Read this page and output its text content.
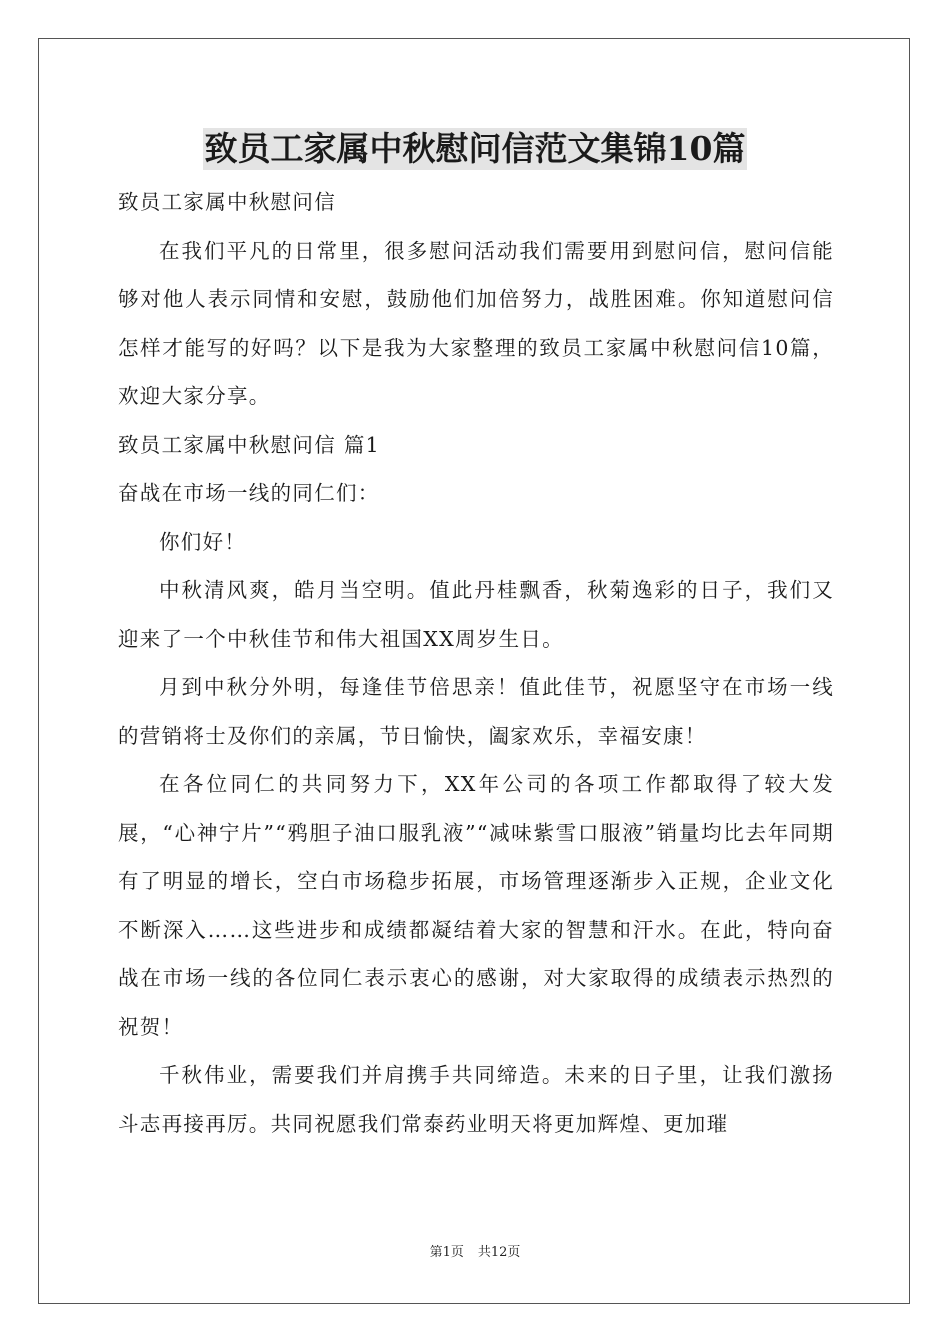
致员工家属中秋慰问信范文集锦10篇

致员工家属中秋慰问信

在我们平凡的日常里，很多慰问活动我们需要用到慰问信，慰问信能够对他人表示同情和安慰，鼓励他们加倍努力，战胜困难。你知道慰问信怎样才能写的好吗？以下是我为大家整理的致员工家属中秋慰问信10篇，欢迎大家分享。

致员工家属中秋慰问信 篇1

奋战在市场一线的同仁们：

你们好！

中秋清风爽，皓月当空明。值此丹桂飘香，秋菊逸彩的日子，我们又迎来了一个中秋佳节和伟大祖国XX周岁生日。

月到中秋分外明，每逢佳节倍思亲！值此佳节，祝愿坚守在市场一线的营销将士及你们的亲属，节日愉快，阖家欢乐，幸福安康！

在各位同仁的共同努力下，XX年公司的各项工作都取得了较大发展，“心神宁片”“鸦胆子油口服乳液”“减味紫雪口服液”销量均比去年同期有了明显的增长，空白市场稳步拓展，市场管理逐渐步入正规，企业文化不断深入……这些进步和成绩都凝结着大家的智慧和汗水。在此，特向奋战在市场一线的各位同仁表示衷心的感谢，对大家取得的成绩表示热烈的祝贺！

千秋伟业，需要我们并肩携手共同缔造。未来的日子里，让我们激扬斗志再接再厉。共同祝愿我们常泰药业明天将更加辉煌、更加璀

第1页 共12页
